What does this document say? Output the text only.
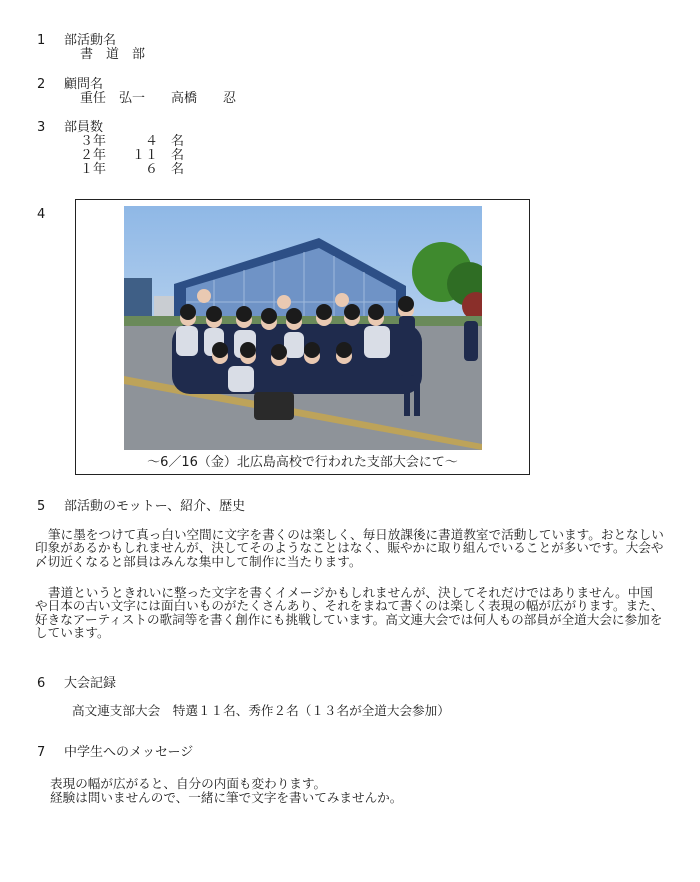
1 部活動名
書　道　部
2 顧問名
重任　弘一　　高橋　　忍
3 部員数
３年　　　４　名
２年　　１１　名
１年　　　６　名
4
～6／16（金）北広島高校で行われた支部大会にて～
5 部活動のモットー、紹介、歴史
筆に墨をつけて真っ白い空間に文字を書くのは楽しく、毎日放課後に書道教室で活動しています。おとなしい印象があるかもしれませんが、決してそのようなことはなく、賑やかに取り組んでいることが多いです。大会や〆切近くなると部員はみんな集中して制作に当たります。
書道というときれいに整った文字を書くイメージかもしれませんが、決してそれだけではありません。中国や日本の古い文字には面白いものがたくさんあり、それをまねて書くのは楽しく表現の幅が広がります。また、好きなアーティストの歌詞等を書く創作にも挑戦しています。高文連大会では何人もの部員が全道大会に参加をしています。
6 大会記録
高文連支部大会　特選１１名、秀作２名（１３名が全道大会参加）
7 中学生へのメッセージ
表現の幅が広がると、自分の内面も変わります。
経験は問いませんので、一緒に筆で文字を書いてみませんか。
